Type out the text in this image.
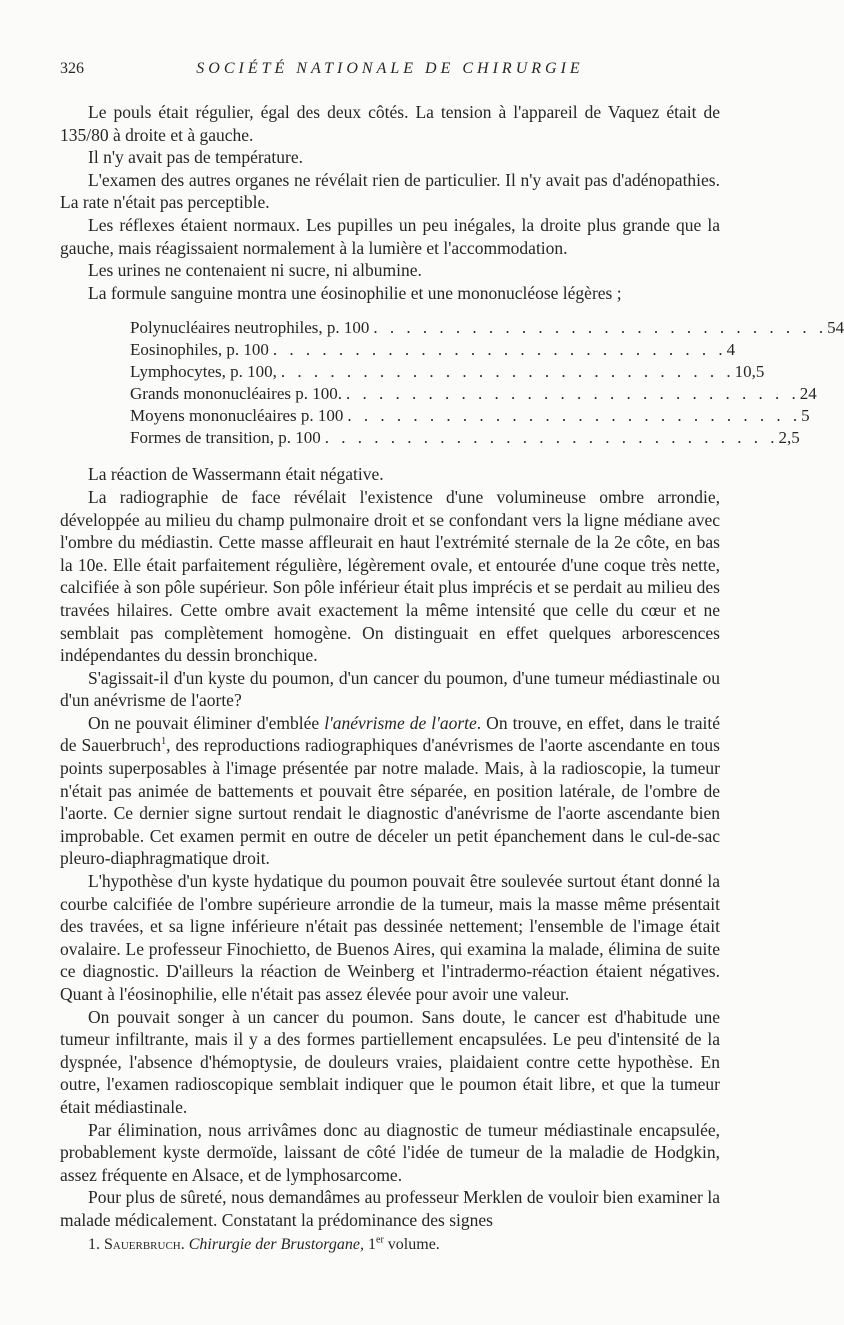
326	SOCIÉTÉ NATIONALE DE CHIRURGIE

Le pouls était régulier, égal des deux côtés. La tension à l'appareil de Vaquez était de 135/80 à droite et à gauche.

Il n'y avait pas de température.

L'examen des autres organes ne révélait rien de particulier. Il n'y avait pas d'adénopathies. La rate n'était pas perceptible.

Les réflexes étaient normaux. Les pupilles un peu inégales, la droite plus grande que la gauche, mais réagissaient normalement à la lumière et l'accommodation.

Les urines ne contenaient ni sucre, ni albumine.

La formule sanguine montra une éosinophilie et une mononucléose légères ;

Polynucléaires neutrophiles, p. 100 . . . . . . . . . . . . . . . . . . . . . . . . . . . . 54
Eosinophiles, p. 100 . . . . . . . . . . . . . . . . . . . . . . . . . . . . 4
Lymphocytes, p. 100, . . . . . . . . . . . . . . . . . . . . . . . . . . . . 10,5
Grands mononucléaires p. 100. . . . . . . . . . . . . . . . . . . . . . . . . . . . . 24
Moyens mononucléaires p. 100 . . . . . . . . . . . . . . . . . . . . . . . . . . . . 5
Formes de transition, p. 100 . . . . . . . . . . . . . . . . . . . . . . . . . . . . 2,5

La réaction de Wassermann était négative.

La radiographie de face révélait l'existence d'une volumineuse ombre arrondie, développée au milieu du champ pulmonaire droit et se confondant vers la ligne médiane avec l'ombre du médiastin. Cette masse affleurait en haut l'extrémité sternale de la 2e côte, en bas la 10e. Elle était parfaitement régulière, légèrement ovale, et entourée d'une coque très nette, calcifiée à son pôle supérieur. Son pôle inférieur était plus imprécis et se perdait au milieu des travées hilaires. Cette ombre avait exactement la même intensité que celle du cœur et ne semblait pas complètement homogène. On distinguait en effet quelques arborescences indépendantes du dessin bronchique.

S'agissait-il d'un kyste du poumon, d'un cancer du poumon, d'une tumeur médiastinale ou d'un anévrisme de l'aorte?

On ne pouvait éliminer d'emblée l'anévrisme de l'aorte. On trouve, en effet, dans le traité de Sauerbruch$^1$, des reproductions radiographiques d'anévrismes de l'aorte ascendante en tous points superposables à l'image présentée par notre malade. Mais, à la radioscopie, la tumeur n'était pas animée de battements et pouvait être séparée, en position latérale, de l'ombre de l'aorte. Ce dernier signe surtout rendait le diagnostic d'anévrisme de l'aorte ascendante bien improbable. Cet examen permit en outre de déceler un petit épanchement dans le cul-de-sac pleuro-diaphragmatique droit.

L'hypothèse d'un kyste hydatique du poumon pouvait être soulevée surtout étant donné la courbe calcifiée de l'ombre supérieure arrondie de la tumeur, mais la masse même présentait des travées, et sa ligne inférieure n'était pas dessinée nettement; l'ensemble de l'image était ovalaire. Le professeur Finochietto, de Buenos Aires, qui examina la malade, élimina de suite ce diagnostic. D'ailleurs la réaction de Weinberg et l'intradermo-réaction étaient négatives. Quant à l'éosinophilie, elle n'était pas assez élevée pour avoir une valeur.

On pouvait songer à un cancer du poumon. Sans doute, le cancer est d'habitude une tumeur infiltrante, mais il y a des formes partiellement encapsulées. Le peu d'intensité de la dyspnée, l'absence d'hémoptysie, de douleurs vraies, plaidaient contre cette hypothèse. En outre, l'examen radioscopique semblait indiquer que le poumon était libre, et que la tumeur était médiastinale.

Par élimination, nous arrivâmes donc au diagnostic de tumeur médiastinale encapsulée, probablement kyste dermoïde, laissant de côté l'idée de tumeur de la maladie de Hodgkin, assez fréquente en Alsace, et de lymphosarcome.

Pour plus de sûreté, nous demandâmes au professeur Merklen de vouloir bien examiner la malade médicalement. Constatant la prédominance des signes

1. Sauerbruch. Chirurgie der Brustorgane, 1er volume.
